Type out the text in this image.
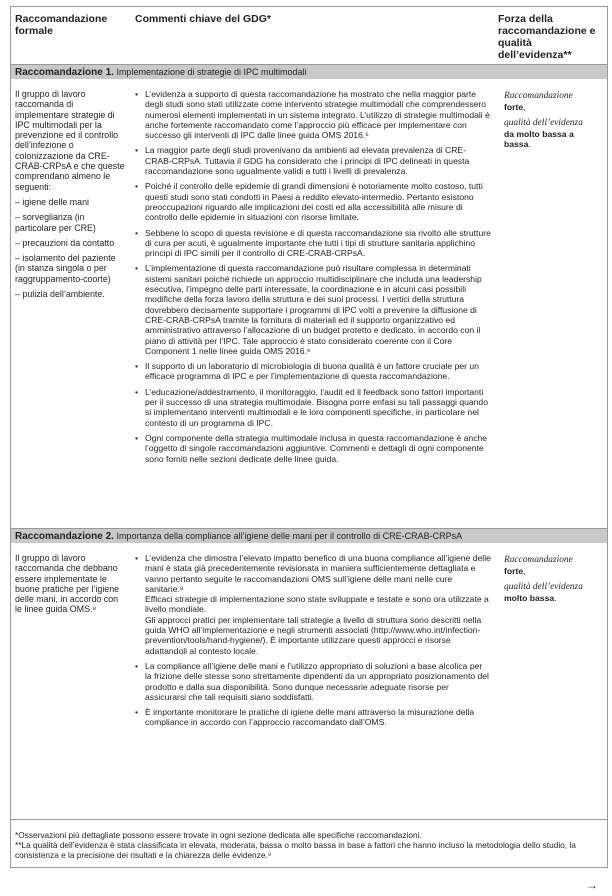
Raccomandazione formale
Commenti chiave del GDG*	Forza della raccomandazione e qualità dell’evidenza**
Raccomandazione 1. Implementazione di strategie di IPC multimodali

Il gruppo di lavoro raccomanda di implementare strategie di IPC multimodali per la prevenzione ed il controllo dell’infezione o colonizzazione da CRE-CRAB-CRPsA e che queste comprendano almeno le seguenti:

– igiene delle mani
– sorveglianza (in particolare per CRE)
– precauzioni da contatto
– isolamento del paziente (in stanza singola o per raggruppamento-coorte)
– pulizia dell’ambiente.
• L’evidenza a supporto di questa raccomandazione ha mostrato che nella maggior parte degli studi sono stati utilizzate come intervento strategie multimodali che comprendessero numerosi elementi implementati in un sistema integrato. L’utilizzo di strategie multimodali è anche fortemente raccomandato come l’approccio più efficace per implementare con successo gli interventi di IPC dalle linee guida OMS 2016.⁶
• La maggior parte degli studi provenivano da ambienti ad elevata prevalenza di CRE-CRAB-CRPsA. Tuttavia il GDG ha considerato che i principi di IPC delineati in questa raccomandazione sono ugualmente validi a tutti i livelli di prevalenza.
• Poiché il controllo delle epidemie di grandi dimensioni è notoriamente molto costoso, tutti questi studi sono stati condotti in Paesi a reddito elevato-intermedio. Pertanto esistono preoccupazioni riguardo alle implicazioni dei costi ed alla accessibilità alle misure di controllo delle epidemie in situazioni con risorse limitate.
• Sebbene lo scopo di questa revisione e di questa raccomandazione sia rivolto alle strutture di cura per acuti, è ugualmente importante che tutti i tipi di strutture sanitaria applichino principi di IPC simili per il controllo di CRE-CRAB-CRPsA.
• L’implementazione di questa raccomandazione può risultare complessa in determinati sistemi sanitari poiché richiede un approccio multidisciplinare che includa una leadership esecutiva, l’impegno delle parti interessate, la coordinazione e in alcuni casi possibili modifiche della forza lavoro della struttura e dei suoi processi. I vertici della struttura dovrebbero decisamente supportare i programmi di IPC volti a prevenire la diffusione di CRE-CRAB-CRPsA tramite la fornitura di materiali ed il supporto organizzativo ed amministrativo attraverso l’allocazione di un budget protetto e dedicato, in accordo con il piano di attività per l’IPC. Tale approccio è stato considerato coerente con il Core Component 1 nelle linee guida OMS 2016.⁶
• Il supporto di un laboratorio di microbiologia di buona qualità è un fattore cruciale per un efficace programma di IPC e per l’implementazione di questa raccomandazione.
• L’educazione/addestramento, il monitoraggio, l’audit ed il feedback sono fattori importanti per il successo di una strategia multimodale. Bisogna porre enfasi su tali passaggi quando si implementano interventi multimodali e le loro componenti specifiche, in particolare nel contesto di un programma di IPC.
• Ogni componente della strategia multimodale inclusa in questa raccomandazione è anche l’oggetto di singole raccomandazioni aggiuntive. Commenti e dettagli di ogni componente sono forniti nelle sezioni dedicate delle linee guida.
Raccomandazione
forte,
qualità dell’evidenza
da molto bassa a bassa.
Raccomandazione 2. Importanza della compliance all’igiene delle mani per il controllo di CRE-CRAB-CRPsA

Il gruppo di lavoro raccomanda che debbano essere implementate le buone pratiche per l’igiene delle mani, in accordo con le linee guida OMS.⁸

• L’evidenza che dimostra l’elevato impatto benefico di una buona compliance all’igiene delle mani è stata già precedentemente revisionata in maniera sufficientemente dettagliata e vanno pertanto seguite le raccomandazioni OMS sull’igiene delle mani nelle cure sanitarie.⁸
Efficaci strategie di implementazione sono state sviluppate e testate e sono ora utilizzate a livello mondiale.
Gli approcci pratici per implementare tali strategie a livello di struttura sono descritti nella guida WHO all’implementazione e negli strumenti associati (http://www.who.int/infection-prevention/tools/hand-hygiene/). È importante utilizzare questi approcci e risorse adattandoli al contesto locale.
• La compliance all’igiene delle mani e l’utilizzo appropriato di soluzioni a base alcolica per la frizione delle stesse sono strettamente dipendenti da un appropriato posizionamento del prodotto e dalla sua disponibilità. Sono dunque necessarie adeguate risorse per assicurarsi che tali requisiti siano soddisfatti.
• È importante monitorare le pratiche di igiene delle mani attraverso la misurazione della compliance in accordo con l’approccio raccomandato dall’OMS.
Raccomandazione
forte,
qualità dell’evidenza
molto bassa.

*Osservazioni più dettagliate possono essere trovate in ogni sezione dedicata alle specifiche raccomandazioni.

**La qualità dell’evidenza è stata classificata in elevata, moderata, bassa o molto bassa in base a fattori che hanno incluso la metodologia dello studio, la consistenza e la precisione dei risultati e la chiarezza delle evidenze.⁹

→
